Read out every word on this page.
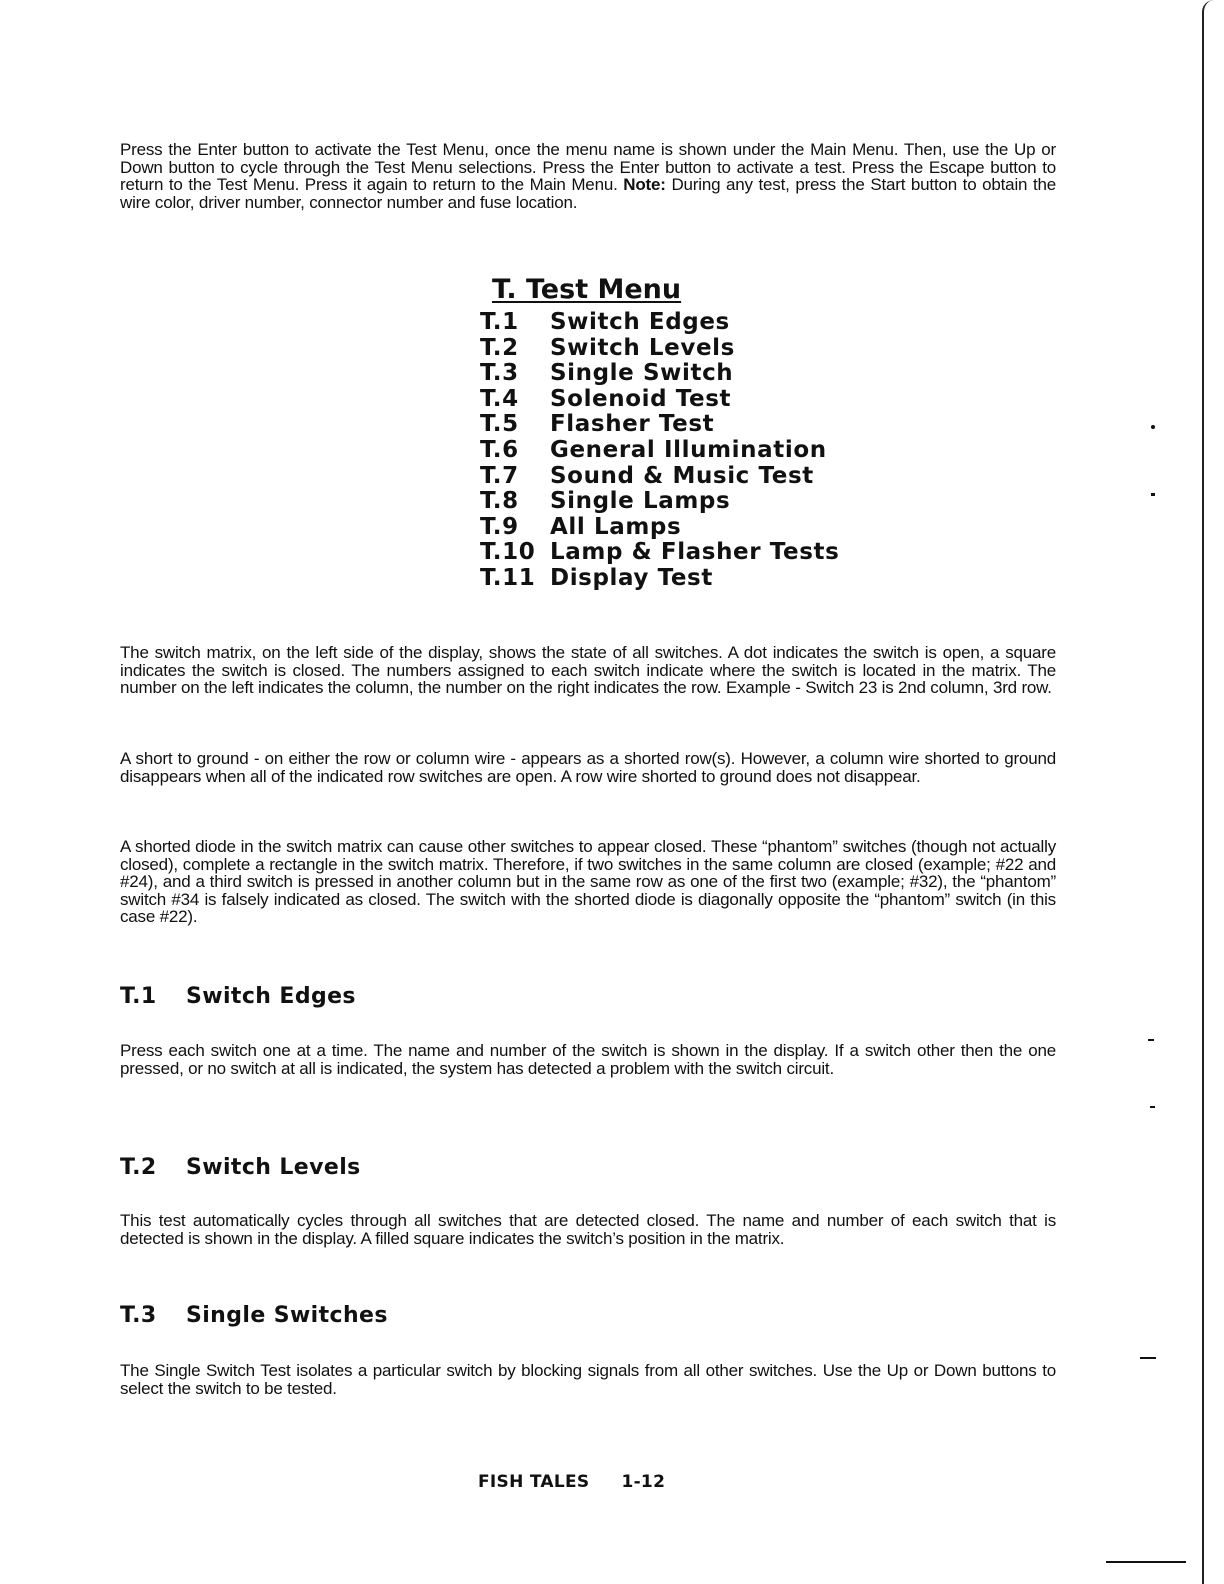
Press the Enter button to activate the Test Menu, once the menu name is shown under the Main Menu. Then, use the Up or Down button to cycle through the Test Menu selections. Press the Enter button to activate a test. Press the Escape button to return to the Test Menu. Press it again to return to the Main Menu. Note: During any test, press the Start button to obtain the wire color, driver number, connector number and fuse location.

T. Test Menu
T.1	Switch Edges
T.2	Switch Levels
T.3	Single Switch
T.4	Solenoid Test
T.5	Flasher Test
T.6	General Illumination
T.7	Sound & Music Test
T.8	Single Lamps
T.9	All Lamps
T.10 Lamp & Flasher Tests
T.11 Display Test

The switch matrix, on the left side of the display, shows the state of all switches. A dot indicates the switch is open, a square indicates the switch is closed. The numbers assigned to each switch indicate where the switch is located in the matrix. The number on the left indicates the column, the number on the right indicates the row. Example - Switch 23 is 2nd column, 3rd row.

A short to ground - on either the row or column wire - appears as a shorted row(s). However, a column wire shorted to ground disappears when all of the indicated row switches are open. A row wire shorted to ground does not disappear.

A shorted diode in the switch matrix can cause other switches to appear closed. These “phantom” switches (though not actually closed), complete a rectangle in the switch matrix. Therefore, if two switches in the same column are closed (example; #22 and #24), and a third switch is pressed in another column but in the same row as one of the first two (example; #32), the “phantom” switch #34 is falsely indicated as closed. The switch with the shorted diode is diagonally opposite the “phantom” switch (in this case #22).

T.1	Switch Edges

Press each switch one at a time. The name and number of the switch is shown in the display. If a switch other then the one pressed, or no switch at all is indicated, the system has detected a problem with the switch circuit.

T.2	Switch Levels

This test automatically cycles through all switches that are detected closed. The name and number of each switch that is detected is shown in the display. A filled square indicates the switch’s position in the matrix.

T.3	Single Switches

The Single Switch Test isolates a particular switch by blocking signals from all other switches. Use the Up or Down buttons to select the switch to be tested.

FISH TALES 1-12
